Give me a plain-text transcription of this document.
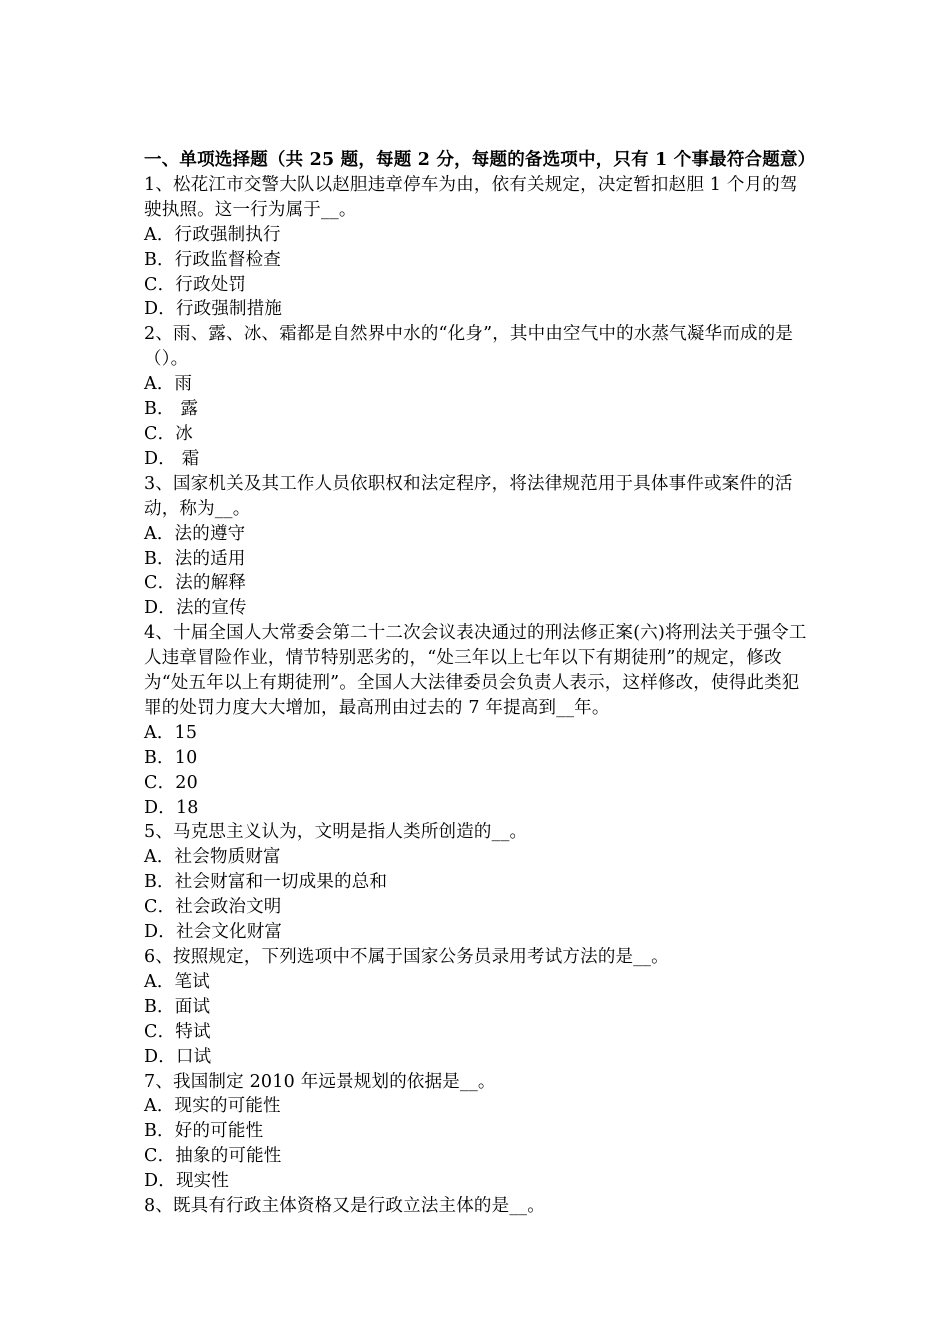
一、单项选择题（共 25 题，每题 2 分，每题的备选项中，只有 1 个事最符合题意）
1、松花江市交警大队以赵胆违章停车为由，依有关规定，决定暂扣赵胆 1 个月的驾驶执照。这一行为属于__。
A．行政强制执行
B．行政监督检查
C．行政处罚
D．行政强制措施
2、雨、露、冰、霜都是自然界中水的“化身”，其中由空气中的水蒸气凝华而成的是（）。
A．雨
B． 露
C．冰
D． 霜
3、国家机关及其工作人员依职权和法定程序，将法律规范用于具体事件或案件的活动，称为__。
A．法的遵守
B．法的适用
C．法的解释
D．法的宣传
4、十届全国人大常委会第二十二次会议表决通过的刑法修正案(六)将刑法关于强令工人违章冒险作业，情节特别恶劣的，“处三年以上七年以下有期徒刑”的规定，修改为“处五年以上有期徒刑”。全国人大法律委员会负责人表示，这样修改，使得此类犯罪的处罚力度大大增加，最高刑由过去的 7 年提高到__年。
A．15
B．10
C．20
D．18
5、马克思主义认为，文明是指人类所创造的__。
A．社会物质财富
B．社会财富和一切成果的总和
C．社会政治文明
D．社会文化财富
6、按照规定，下列选项中不属于国家公务员录用考试方法的是__。
A．笔试
B．面试
C．特试
D．口试
7、我国制定 2010 年远景规划的依据是__。
A．现实的可能性
B．好的可能性
C．抽象的可能性
D．现实性
8、既具有行政主体资格又是行政立法主体的是__。
